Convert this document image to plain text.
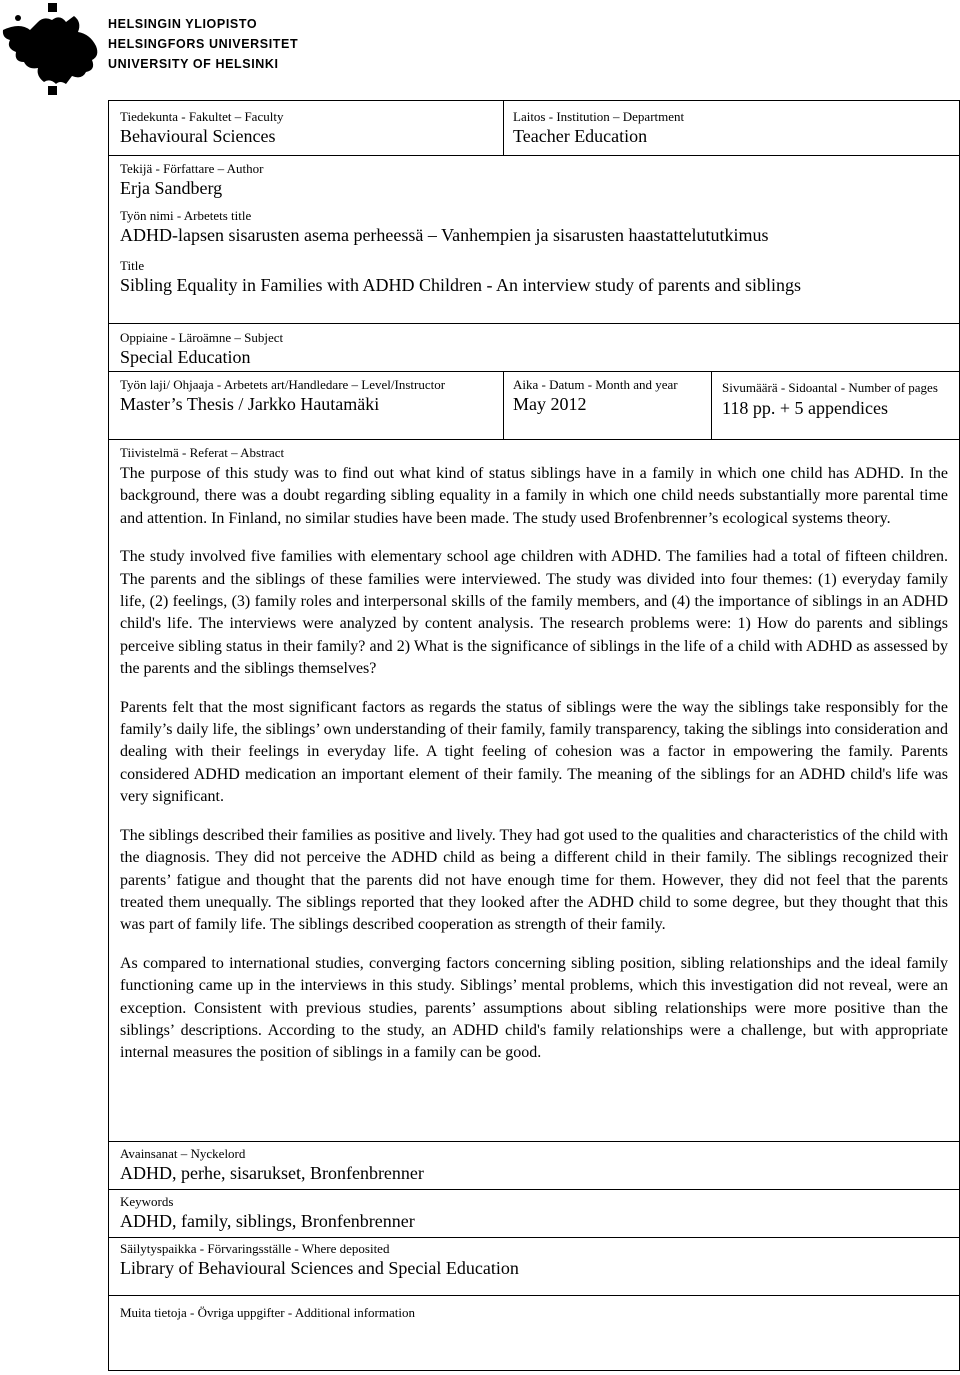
HELSINGIN YLIOPISTO
HELSINGFORS UNIVERSITET
UNIVERSITY OF HELSINKI
Tiedekunta - Fakultet – Faculty
Behavioural Sciences
Laitos - Institution – Department
Teacher Education
Tekijä - Författare – Author
Erja Sandberg
Työn nimi - Arbetets title
ADHD-lapsen sisarusten asema perheessä – Vanhempien ja sisarusten haastattelututkimus
Title
Sibling Equality in Families with ADHD Children - An interview study of parents and siblings
Oppiaine - Läroämne – Subject
Special Education
Työn laji/ Ohjaaja - Arbetets art/Handledare – Level/Instructor
Master’s Thesis / Jarkko Hautamäki
Aika - Datum - Month and year
May 2012
Sivumäärä - Sidoantal - Number of pages
118 pp. + 5 appendices
Tiivistelmä - Referat – Abstract

The purpose of this study was to find out what kind of status siblings have in a family in which one child has ADHD. In the background, there was a doubt regarding sibling equality in a family in which one child needs substantially more parental time and attention. In Finland, no similar studies have been made. The study used Brofenbrenner’s ecological systems theory.

The study involved five families with elementary school age children with ADHD. The families had a total of fifteen children. The parents and the siblings of these families were interviewed. The study was divided into four themes: (1) everyday family life, (2) feelings, (3) family roles and interpersonal skills of the family members, and (4) the importance of siblings in an ADHD child's life. The interviews were analyzed by content analysis. The research problems were: 1) How do parents and siblings perceive sibling status in their family? and 2) What is the significance of siblings in the life of a child with ADHD as assessed by the parents and the siblings themselves?

Parents felt that the most significant factors as regards the status of siblings were the way the siblings take responsibly for the family’s daily life, the siblings’ own understanding of their family, family transparency, taking the siblings into consideration and dealing with their feelings in everyday life. A tight feeling of cohesion was a factor in empowering the family. Parents considered ADHD medication an important element of their family. The meaning of the siblings for an ADHD child's life was very significant.

The siblings described their families as positive and lively. They had got used to the qualities and characteristics of the child with the diagnosis. They did not perceive the ADHD child as being a different child in their family. The siblings recognized their parents’ fatigue and thought that the parents did not have enough time for them. However, they did not feel that the parents treated them unequally. The siblings reported that they looked after the ADHD child to some degree, but they thought that this was part of family life. The siblings described cooperation as strength of their family.

As compared to international studies, converging factors concerning sibling position, sibling relationships and the ideal family functioning came up in the interviews in this study. Siblings’ mental problems, which this investigation did not reveal, were an exception. Consistent with previous studies, parents’ assumptions about sibling relationships were more positive than the siblings’ descriptions. According to the study, an ADHD child's family relationships were a challenge, but with appropriate internal measures the position of siblings in a family can be good.

Avainsanat – Nyckelord
ADHD, perhe, sisarukset, Bronfenbrenner
Keywords
ADHD, family, siblings, Bronfenbrenner
Säilytyspaikka - Förvaringsställe - Where deposited
Library of Behavioural Sciences and Special Education
Muita tietoja - Övriga uppgifter - Additional information
